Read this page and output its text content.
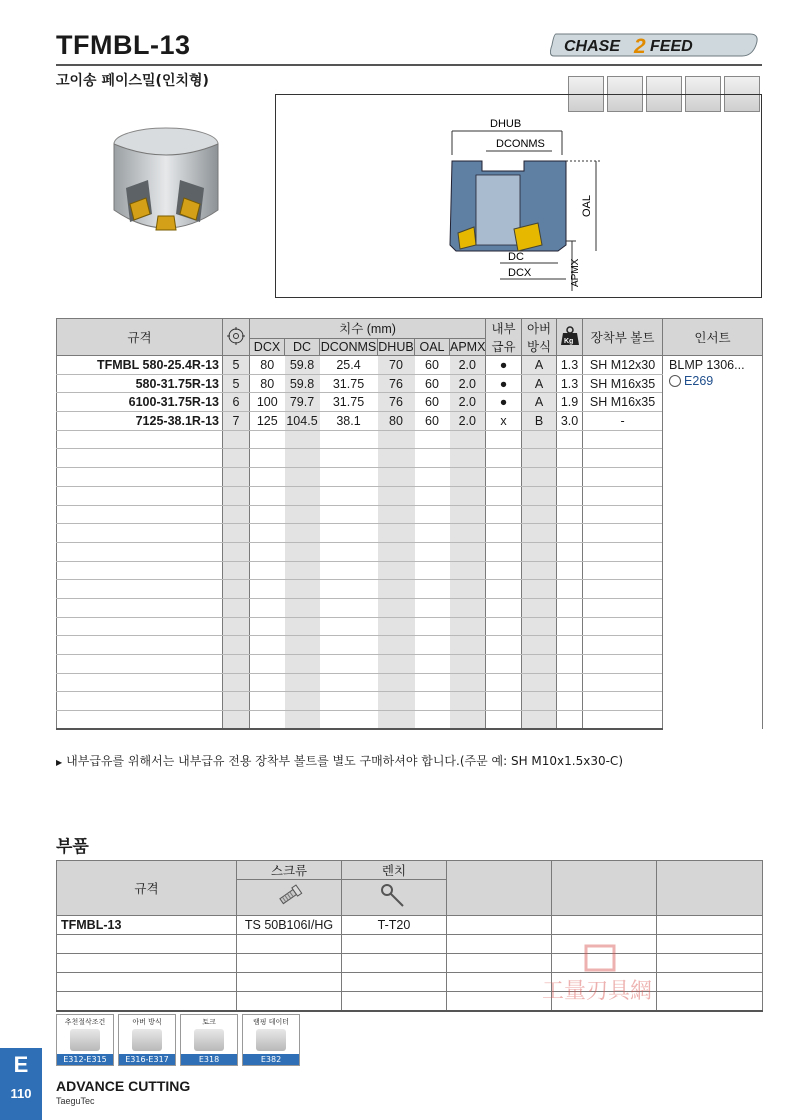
TFMBL-13	CHASE 2 FEED
고이송 페이스밀(인치형)
DHUB
DCONMS
OAL
APMX
DC
DCX
규격		치수 (mm)						내부
급유	아버
방식	Kg	장착부 볼트	인서트
		DCX	DC	DCONMS	DHUB	OAL	APMX					
TFMBL 580-25.4R-13	5	80	59.8	25.4	70	60	2.0	●	A	1.3	SH M12x30	BLMP 1306...
E269

580-31.75R-13	5	80	59.8	31.75	76	60	2.0	●	A	1.3	SH M16x35	
6100-31.75R-13	6	100	79.7	31.75	76	60	2.0	●	A	1.9	SH M16x35	
7125-38.1R-13	7	125	104.5	38.1	80	60	2.0	x	B	3.0	-	

▶ 내부급유를 위해서는 내부급유 전용 장착부 볼트를 별도 구매하셔야 합니다.(주문 예: SH M10x1.5x30-C)
부품
규격	스크류	렌치			

TFMBL-13	TS 50B106I/HG	T-T20			

工量刃具網
추천절삭조건
E312-E315
아버 방식
E316-E317
토크
E318
램핑 데이터
E382
E
110	ADVANCE CUTTING
TaeguTec
